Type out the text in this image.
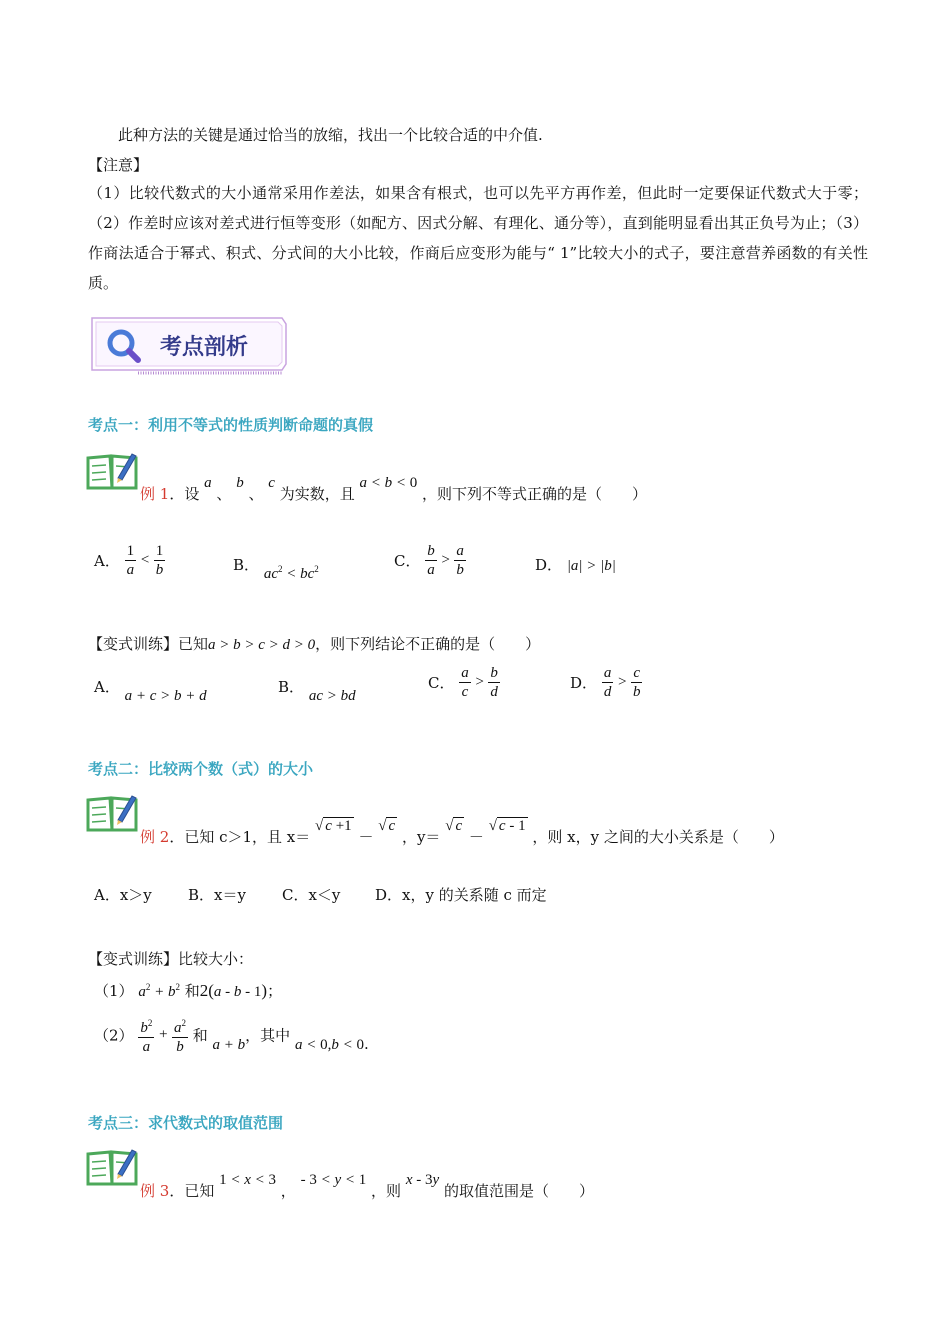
此种方法的关键是通过恰当的放缩，找出一个比较合适的中介值.
【注意】
（1）比较代数式的大小通常采用作差法，如果含有根式，也可以先平方再作差，但此时一定要保证代数式大于零；（2）作差时应该对差式进行恒等变形（如配方、因式分解、有理化、通分等），直到能明显看出其正负号为止；（3）作商法适合于幂式、积式、分式间的大小比较，作商后应变形为能与“ 1”比较大小的式子，要注意营养函数的有关性质。
考点剖析
考点一：利用不等式的性质判断命题的真假
例 1．设 a 、 b 、 c 为实数，且 a < b < 0 ，则下列不等式正确的是（　　）
A． $\frac{1}{a} < \frac{1}{b}$	B． $ac^2 < bc^2$	C． $\frac{b}{a} > \frac{a}{b}$	D． |a| > |b|
【变式训练】已知a > b > c > d > 0，则下列结论不正确的是（　　）
A． a + c > b + d	B． ac > bd
C． $\frac{a}{c} > \frac{b}{d}$	D． $\frac{a}{d} > \frac{c}{b}$
考点二：比较两个数（式）的大小
例 2．已知 c＞1，且 x＝ √ c +1 － √ c ，y＝ √ c － √ c - 1 ，则 x，y 之间的大小关系是（　　）
A．x＞y B．x＝y C．x＜y D．x，y 的关系随 c 而定
【变式训练】比较大小：
（1） $a^2 + b^2$ 和2(a - b - 1)；
$(2) \frac{b^2}{a} + \frac{a^2}{b}$ 和 a + b，其中 a < 0,b < 0.
考点三：求代数式的取值范围
例 3．已知 1 < x < 3 ， - 3 < y < 1 ，则 x - 3y 的取值范围是（　　）
